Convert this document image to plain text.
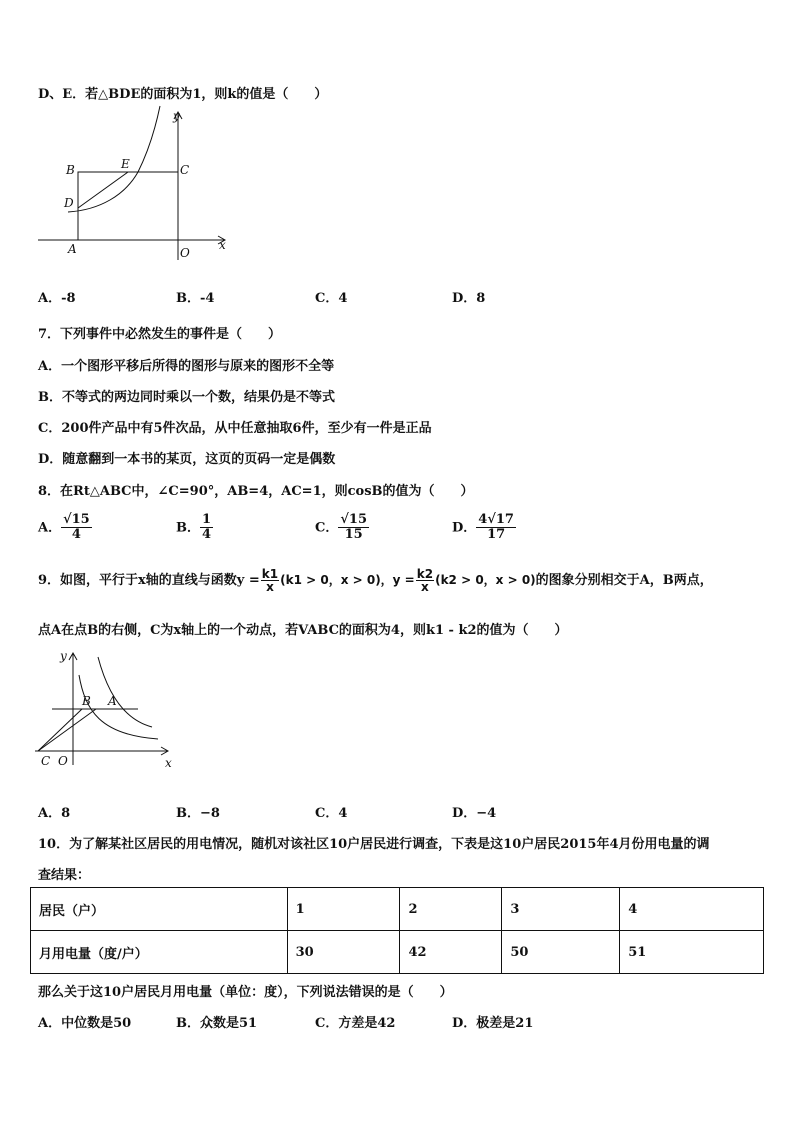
D、E．若△BDE的面积为1，则k的值是（　　）
y
x
B	E	C
D
A	O
A．-8	B．-4	C．4	D．8
7．下列事件中必然发生的事件是（　　）
A．一个图形平移后所得的图形与原来的图形不全等
B．不等式的两边同时乘以一个数，结果仍是不等式
C．200件产品中有5件次品，从中任意抽取6件，至少有一件是正品
D．随意翻到一本书的某页，这页的页码一定是偶数
8．在Rt△ABC中，∠C=90°，AB=4，AC=1，则cosB的值为（　　）
A． $\frac{√15}{4}$	B． $\frac{1}{4}$	C． $\frac{√15}{15}$	D． $\frac{4√17}{17}$
9．如图，平行于x轴的直线与函数$y = \frac{k1}{x} (k1 > 0$，x > 0)，$y = \frac{k2}{x} (k2 > 0$，x > 0)的图象分别相交于A，B两点，
点A在点B的右侧，C为x轴上的一个动点，若VABC的面积为4，则k1 - k2的值为（　　）
y
x
B A
C O
A．8	B．−8	C．4	D．−4
10．为了解某社区居民的用电情况，随机对该社区10户居民进行调查，下表是这10户居民2015年4月份用电量的调
查结果：
居民（户）	1	2	3	4
月用电量（度/户）	30	42	50	51
那么关于这10户居民月用电量（单位：度），下列说法错误的是（　　）
A．中位数是50	B．众数是51	C．方差是42	D．极差是21
